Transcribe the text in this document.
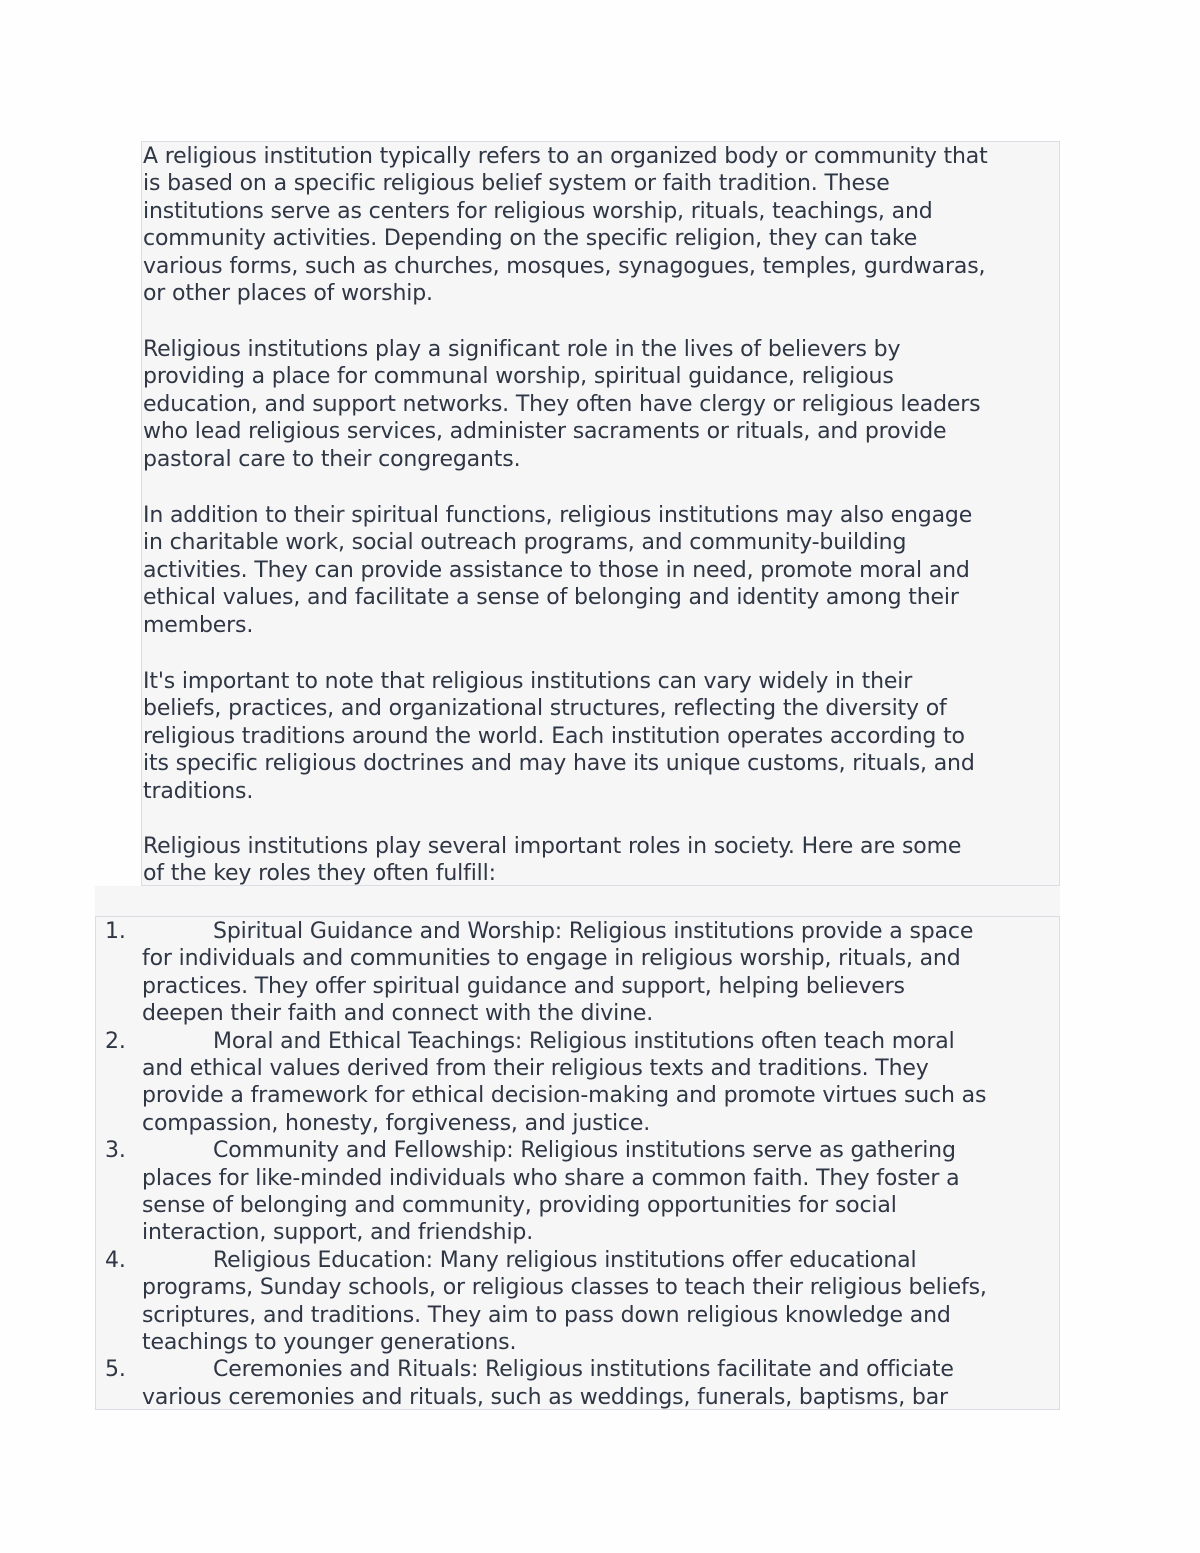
A religious institution typically refers to an organized body or community that
is based on a specific religious belief system or faith tradition. These
institutions serve as centers for religious worship, rituals, teachings, and
community activities. Depending on the specific religion, they can take
various forms, such as churches, mosques, synagogues, temples, gurdwaras,
or other places of worship.
Religious institutions play a significant role in the lives of believers by
providing a place for communal worship, spiritual guidance, religious
education, and support networks. They often have clergy or religious leaders
who lead religious services, administer sacraments or rituals, and provide
pastoral care to their congregants.
In addition to their spiritual functions, religious institutions may also engage
in charitable work, social outreach programs, and community-building
activities. They can provide assistance to those in need, promote moral and
ethical values, and facilitate a sense of belonging and identity among their
members.
It's important to note that religious institutions can vary widely in their
beliefs, practices, and organizational structures, reflecting the diversity of
religious traditions around the world. Each institution operates according to
its specific religious doctrines and may have its unique customs, rituals, and
traditions.
Religious institutions play several important roles in society. Here are some
of the key roles they often fulfill:
1.	Spiritual Guidance and Worship: Religious institutions provide a space
for individuals and communities to engage in religious worship, rituals, and
practices. They offer spiritual guidance and support, helping believers
deepen their faith and connect with the divine.
2.	Moral and Ethical Teachings: Religious institutions often teach moral
and ethical values derived from their religious texts and traditions. They
provide a framework for ethical decision-making and promote virtues such as
compassion, honesty, forgiveness, and justice.
3.	Community and Fellowship: Religious institutions serve as gathering
places for like-minded individuals who share a common faith. They foster a
sense of belonging and community, providing opportunities for social
interaction, support, and friendship.
4.	Religious Education: Many religious institutions offer educational
programs, Sunday schools, or religious classes to teach their religious beliefs,
scriptures, and traditions. They aim to pass down religious knowledge and
teachings to younger generations.
5.	Ceremonies and Rituals: Religious institutions facilitate and officiate
various ceremonies and rituals, such as weddings, funerals, baptisms, bar
